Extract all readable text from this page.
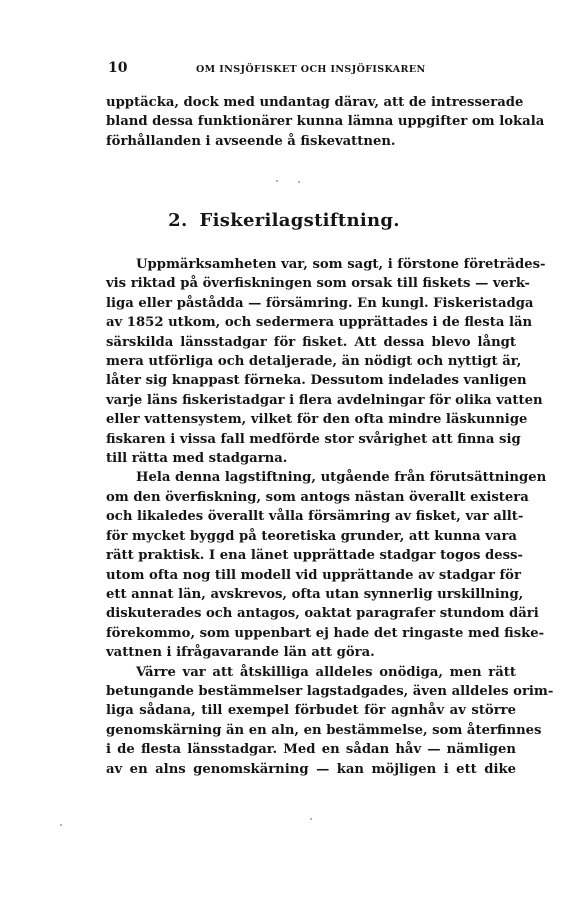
10	OM INSJÖFISKET OCH INSJÖFISKAREN
upptäcka, dock med undantag därav, att de intresserade
bland dessa funktionärer kunna lämna uppgifter om lokala
förhållanden i avseende å fiskevattnen.
2. Fiskerilagstiftning.
Uppmärksamheten var, som sagt, i förstone företrädes-
vis riktad på överfiskningen som orsak till fiskets — verk-
liga eller påstådda — försämring. En kungl. Fiskeristadga
av 1852 utkom, och sedermera upprättades i de flesta län
särskilda länsstadgar för fisket. Att dessa blevo långt
mera utförliga och detaljerade, än nödigt och nyttigt är,
låter sig knappast förneka. Dessutom indelades vanligen
varje läns fiskeristadgar i flera avdelningar för olika vatten
eller vattensystem, vilket för den ofta mindre läskunnige
fiskaren i vissa fall medförde stor svårighet att finna sig
till rätta med stadgarna.
Hela denna lagstiftning, utgående från förutsättningen
om den överfiskning, som antogs nästan överallt existera
och likaledes överallt vålla försämring av fisket, var allt-
för mycket byggd på teoretiska grunder, att kunna vara
rätt praktisk. I ena länet upprättade stadgar togos dess-
utom ofta nog till modell vid upprättande av stadgar för
ett annat län, avskrevos, ofta utan synnerlig urskillning,
diskuterades och antagos, oaktat paragrafer stundom däri
förekommo, som uppenbart ej hade det ringaste med fiske-
vattnen i ifrågavarande län att göra.
Värre var att åtskilliga alldeles onödiga, men rätt
betungande bestämmelser lagstadgades, även alldeles orim-
liga sådana, till exempel förbudet för agnhåv av större
genomskärning än en aln, en bestämmelse, som återfinnes
i de flesta länsstadgar. Med en sådan håv — nämligen
av en alns genomskärning — kan möjligen i ett dike
